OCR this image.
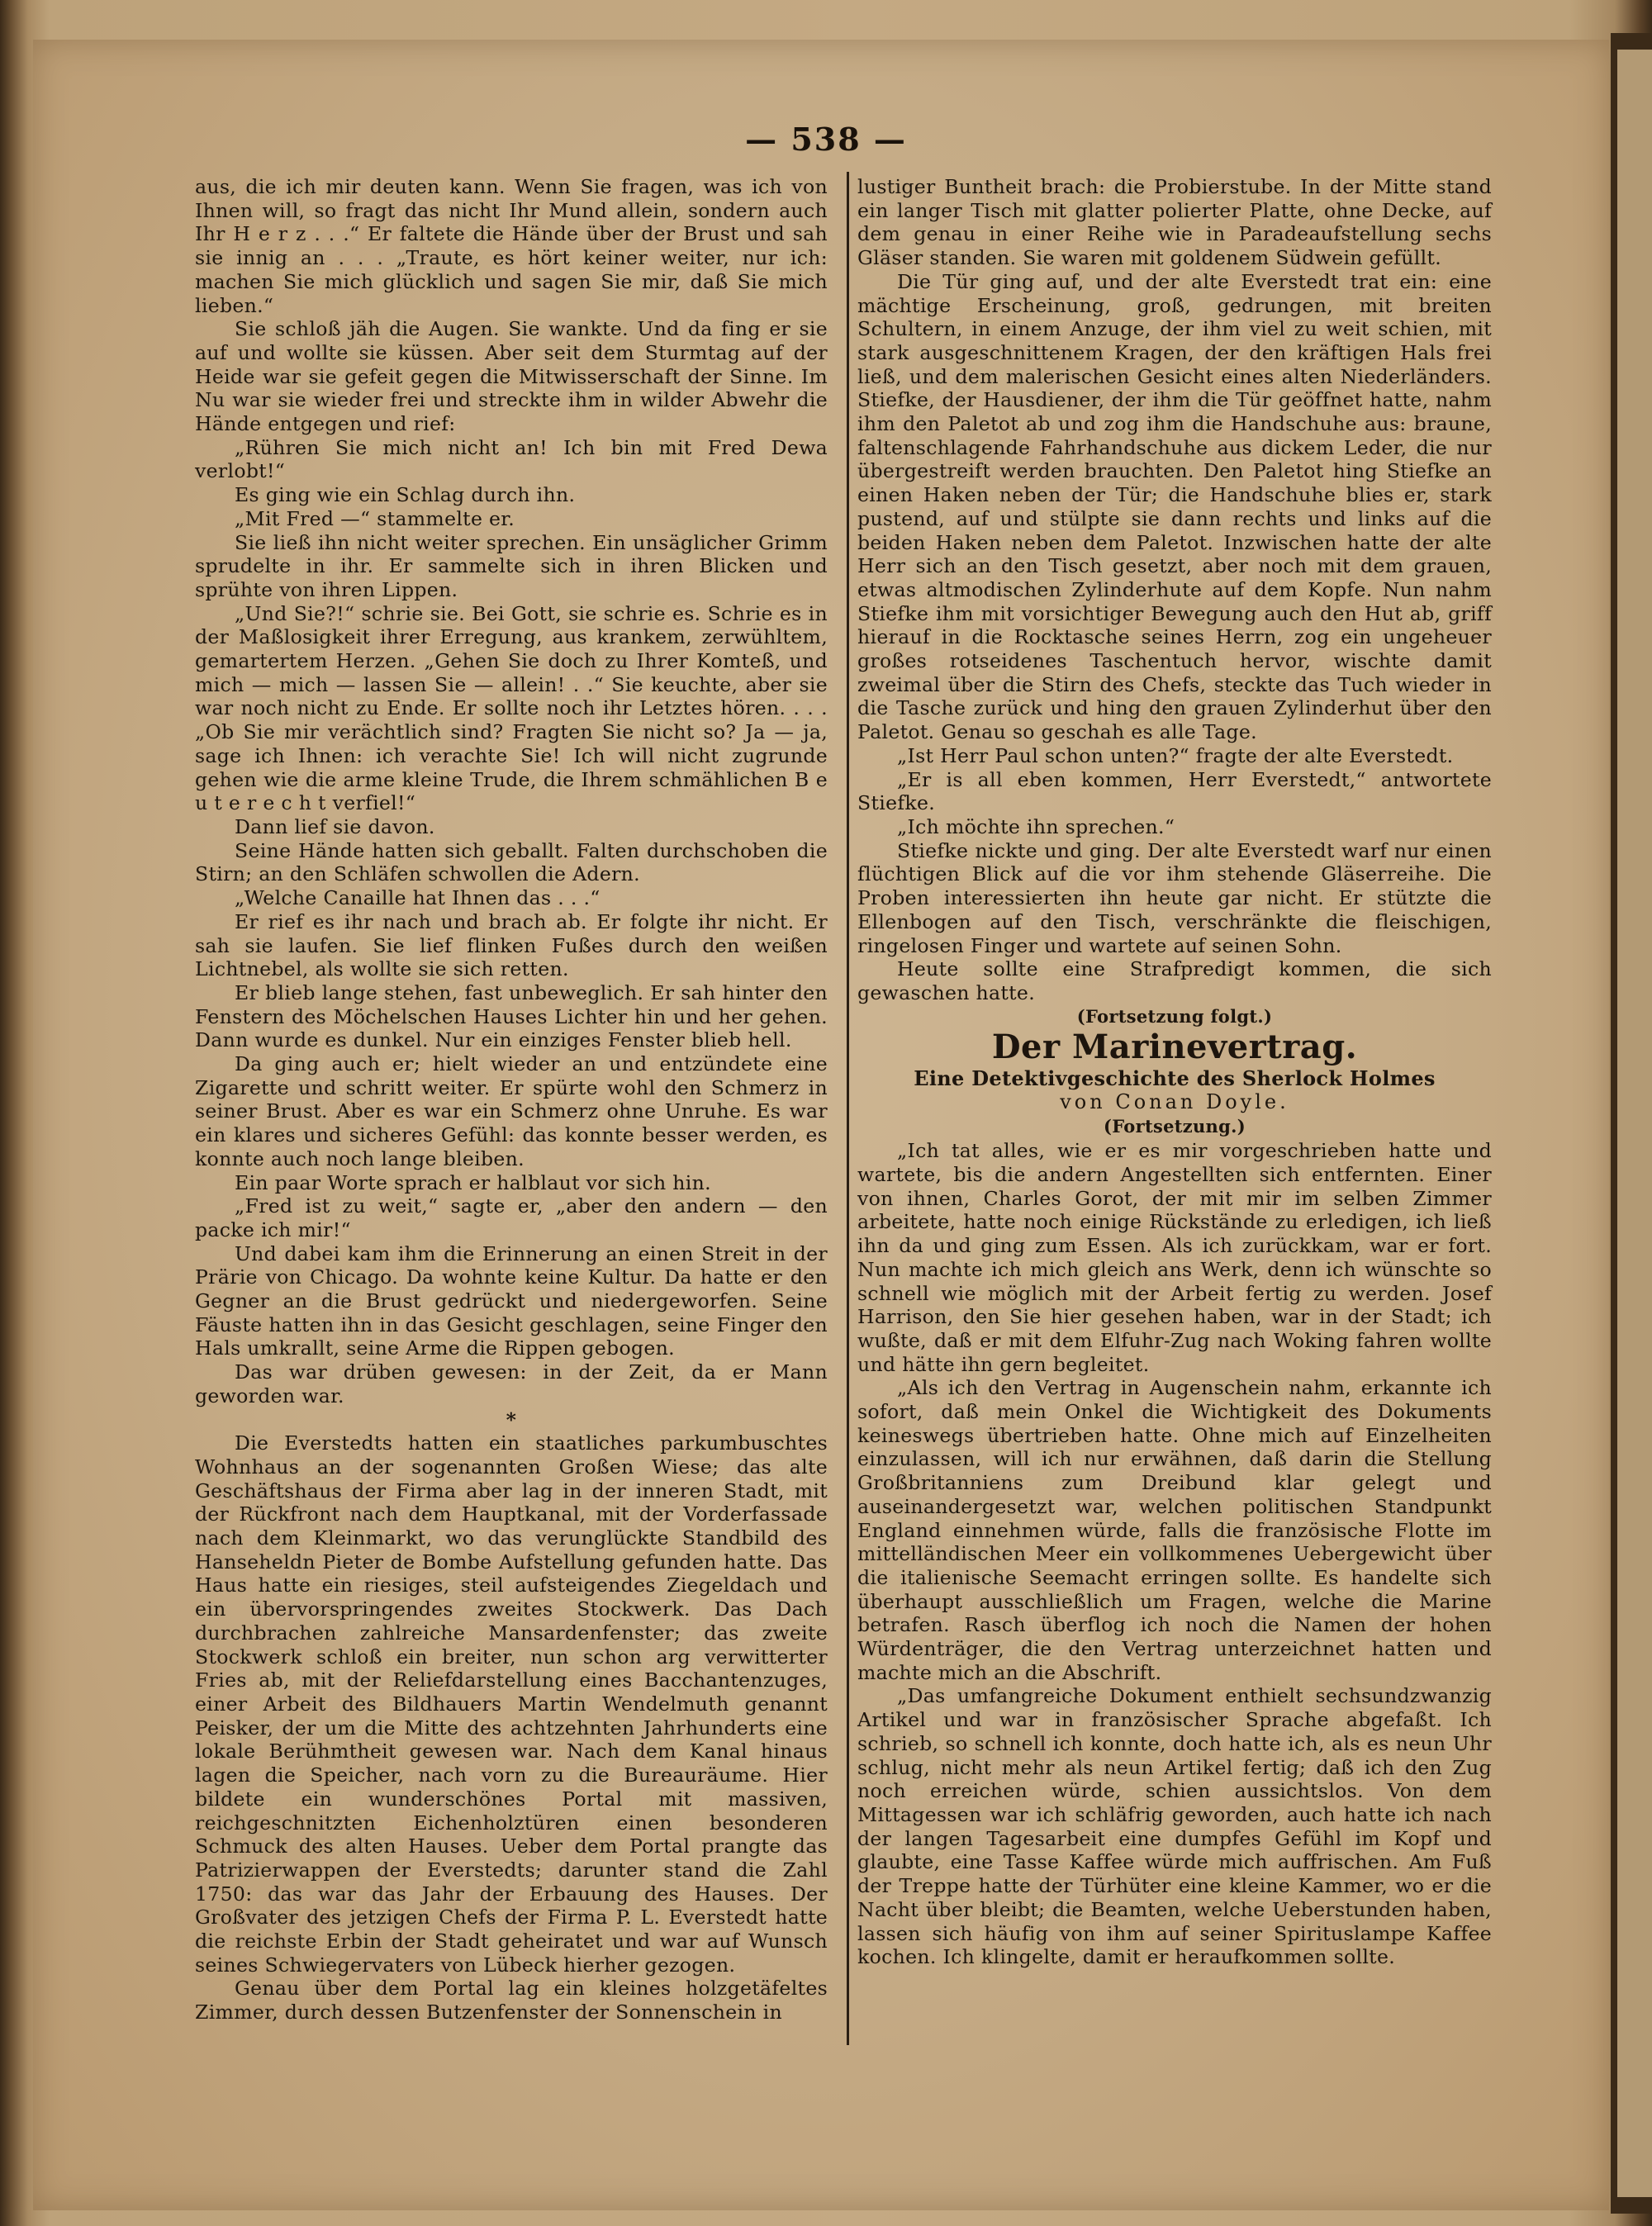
— 538 —

aus, die ich mir deuten kann. Wenn Sie fragen, was ich von Ihnen will, so fragt das nicht Ihr Mund allein, sondern auch Ihr H e r z . . .“ Er faltete die Hände über der Brust und sah sie innig an . . . „Traute, es hört keiner weiter, nur ich: machen Sie mich glücklich und sagen Sie mir, daß Sie mich lieben.“

Sie schloß jäh die Augen. Sie wankte. Und da fing er sie auf und wollte sie küssen. Aber seit dem Sturmtag auf der Heide war sie gefeit gegen die Mitwisserschaft der Sinne. Im Nu war sie wieder frei und streckte ihm in wilder Abwehr die Hände entgegen und rief:

„Rühren Sie mich nicht an! Ich bin mit Fred Dewa verlobt!“

Es ging wie ein Schlag durch ihn.

„Mit Fred —“ stammelte er.

Sie ließ ihn nicht weiter sprechen. Ein unsäglicher Grimm sprudelte in ihr. Er sammelte sich in ihren Blicken und sprühte von ihren Lippen.

„Und Sie?!“ schrie sie. Bei Gott, sie schrie es. Schrie es in der Maßlosigkeit ihrer Erregung, aus krankem, zerwühltem, gemartertem Herzen. „Gehen Sie doch zu Ihrer Komteß, und mich — mich — lassen Sie — allein! . .“ Sie keuchte, aber sie war noch nicht zu Ende. Er sollte noch ihr Letztes hören. . . . „Ob Sie mir verächtlich sind? Fragten Sie nicht so? Ja — ja, sage ich Ihnen: ich verachte Sie! Ich will nicht zugrunde gehen wie die arme kleine Trude, die Ihrem schmählichen B e u t e r e c h t verfiel!“

Dann lief sie davon.

Seine Hände hatten sich geballt. Falten durchschoben die Stirn; an den Schläfen schwollen die Adern.

„Welche Canaille hat Ihnen das . . .“

Er rief es ihr nach und brach ab. Er folgte ihr nicht. Er sah sie laufen. Sie lief flinken Fußes durch den weißen Lichtnebel, als wollte sie sich retten.

Er blieb lange stehen, fast unbeweglich. Er sah hinter den Fenstern des Möchelschen Hauses Lichter hin und her gehen. Dann wurde es dunkel. Nur ein einziges Fenster blieb hell.

Da ging auch er; hielt wieder an und entzündete eine Zigarette und schritt weiter. Er spürte wohl den Schmerz in seiner Brust. Aber es war ein Schmerz ohne Unruhe. Es war ein klares und sicheres Gefühl: das konnte besser werden, es konnte auch noch lange bleiben.

Ein paar Worte sprach er halblaut vor sich hin.

„Fred ist zu weit,“ sagte er, „aber den andern — den packe ich mir!“

Und dabei kam ihm die Erinnerung an einen Streit in der Prärie von Chicago. Da wohnte keine Kultur. Da hatte er den Gegner an die Brust gedrückt und niedergeworfen. Seine Fäuste hatten ihn in das Gesicht geschlagen, seine Finger den Hals umkrallt, seine Arme die Rippen gebogen.

Das war drüben gewesen: in der Zeit, da er Mann geworden war.

*

Die Everstedts hatten ein staatliches parkumbuschtes Wohnhaus an der sogenannten Großen Wiese; das alte Geschäftshaus der Firma aber lag in der inneren Stadt, mit der Rückfront nach dem Hauptkanal, mit der Vorderfassade nach dem Kleinmarkt, wo das verunglückte Standbild des Hanseheldn Pieter de Bombe Aufstellung gefunden hatte. Das Haus hatte ein riesiges, steil aufsteigendes Ziegeldach und ein übervorspringendes zweites Stockwerk. Das Dach durchbrachen zahlreiche Mansardenfenster; das zweite Stockwerk schloß ein breiter, nun schon arg verwitterter Fries ab, mit der Reliefdarstellung eines Bacchantenzuges, einer Arbeit des Bildhauers Martin Wendelmuth genannt Peisker, der um die Mitte des achtzehnten Jahrhunderts eine lokale Berühmtheit gewesen war. Nach dem Kanal hinaus lagen die Speicher, nach vorn zu die Bureauräume. Hier bildete ein wunderschönes Portal mit massiven, reichgeschnitzten Eichenholztüren einen besonderen Schmuck des alten Hauses. Ueber dem Portal prangte das Patrizierwappen der Everstedts; darunter stand die Zahl 1750: das war das Jahr der Erbauung des Hauses. Der Großvater des jetzigen Chefs der Firma P. L. Everstedt hatte die reichste Erbin der Stadt geheiratet und war auf Wunsch seines Schwiegervaters von Lübeck hierher gezogen.

Genau über dem Portal lag ein kleines holzgetäfeltes Zimmer, durch dessen Butzenfenster der Sonnenschein in

lustiger Buntheit brach: die Probierstube. In der Mitte stand ein langer Tisch mit glatter polierter Platte, ohne Decke, auf dem genau in einer Reihe wie in Paradeaufstellung sechs Gläser standen. Sie waren mit goldenem Südwein gefüllt.

Die Tür ging auf, und der alte Everstedt trat ein: eine mächtige Erscheinung, groß, gedrungen, mit breiten Schultern, in einem Anzuge, der ihm viel zu weit schien, mit stark ausgeschnittenem Kragen, der den kräftigen Hals frei ließ, und dem malerischen Gesicht eines alten Niederländers. Stiefke, der Hausdiener, der ihm die Tür geöffnet hatte, nahm ihm den Paletot ab und zog ihm die Handschuhe aus: braune, faltenschlagende Fahrhandschuhe aus dickem Leder, die nur übergestreift werden brauchten. Den Paletot hing Stiefke an einen Haken neben der Tür; die Handschuhe blies er, stark pustend, auf und stülpte sie dann rechts und links auf die beiden Haken neben dem Paletot. Inzwischen hatte der alte Herr sich an den Tisch gesetzt, aber noch mit dem grauen, etwas altmodischen Zylinderhute auf dem Kopfe. Nun nahm Stiefke ihm mit vorsichtiger Bewegung auch den Hut ab, griff hierauf in die Rocktasche seines Herrn, zog ein ungeheuer großes rotseidenes Taschentuch hervor, wischte damit zweimal über die Stirn des Chefs, steckte das Tuch wieder in die Tasche zurück und hing den grauen Zylinderhut über den Paletot. Genau so geschah es alle Tage.

„Ist Herr Paul schon unten?“ fragte der alte Everstedt.

„Er is all eben kommen, Herr Everstedt,“ antwortete Stiefke.

„Ich möchte ihn sprechen.“

Stiefke nickte und ging. Der alte Everstedt warf nur einen flüchtigen Blick auf die vor ihm stehende Gläserreihe. Die Proben interessierten ihn heute gar nicht. Er stützte die Ellenbogen auf den Tisch, verschränkte die fleischigen, ringelosen Finger und wartete auf seinen Sohn.

Heute sollte eine Strafpredigt kommen, die sich gewaschen hatte.

(Fortsetzung folgt.)

Der Marinevertrag.

Eine Detektivgeschichte des Sherlock Holmes

von Conan Doyle.

(Fortsetzung.)

„Ich tat alles, wie er es mir vorgeschrieben hatte und wartete, bis die andern Angestellten sich entfernten. Einer von ihnen, Charles Gorot, der mit mir im selben Zimmer arbeitete, hatte noch einige Rückstände zu erledigen, ich ließ ihn da und ging zum Essen. Als ich zurückkam, war er fort. Nun machte ich mich gleich ans Werk, denn ich wünschte so schnell wie möglich mit der Arbeit fertig zu werden. Josef Harrison, den Sie hier gesehen haben, war in der Stadt; ich wußte, daß er mit dem Elfuhr-Zug nach Woking fahren wollte und hätte ihn gern begleitet.

„Als ich den Vertrag in Augenschein nahm, erkannte ich sofort, daß mein Onkel die Wichtigkeit des Dokuments keineswegs übertrieben hatte. Ohne mich auf Einzelheiten einzulassen, will ich nur erwähnen, daß darin die Stellung Großbritanniens zum Dreibund klar gelegt und auseinandergesetzt war, welchen politischen Standpunkt England einnehmen würde, falls die französische Flotte im mittelländischen Meer ein vollkommenes Uebergewicht über die italienische Seemacht erringen sollte. Es handelte sich überhaupt ausschließlich um Fragen, welche die Marine betrafen. Rasch überflog ich noch die Namen der hohen Würdenträger, die den Vertrag unterzeichnet hatten und machte mich an die Abschrift.

„Das umfangreiche Dokument enthielt sechsundzwanzig Artikel und war in französischer Sprache abgefaßt. Ich schrieb, so schnell ich konnte, doch hatte ich, als es neun Uhr schlug, nicht mehr als neun Artikel fertig; daß ich den Zug noch erreichen würde, schien aussichtslos. Von dem Mittagessen war ich schläfrig geworden, auch hatte ich nach der langen Tagesarbeit eine dumpfes Gefühl im Kopf und glaubte, eine Tasse Kaffee würde mich auffrischen. Am Fuß der Treppe hatte der Türhüter eine kleine Kammer, wo er die Nacht über bleibt; die Beamten, welche Ueberstunden haben, lassen sich häufig von ihm auf seiner Spirituslampe Kaffee kochen. Ich klingelte, damit er heraufkommen sollte.
